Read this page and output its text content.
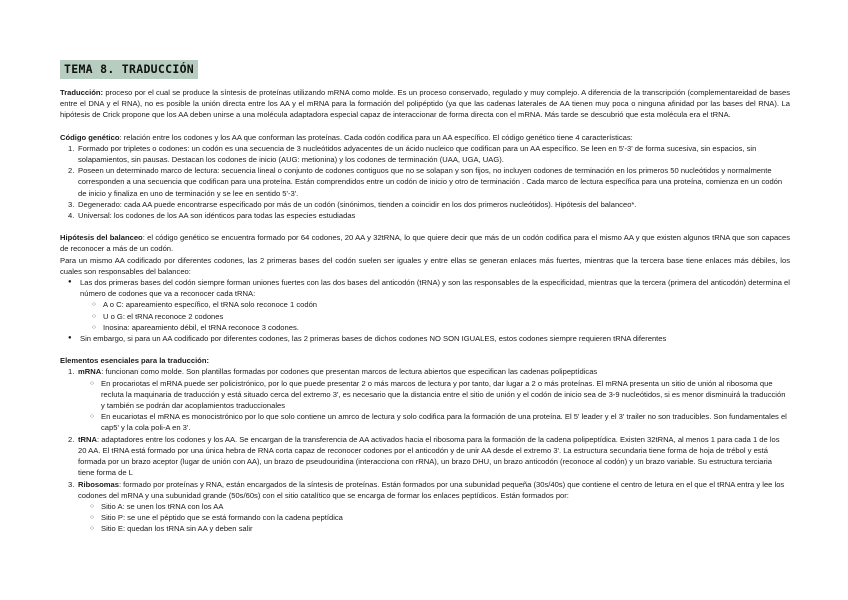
TEMA 8. TRADUCCIÓN

Traducción: proceso por el cual se produce la síntesis de proteínas utilizando mRNA como molde. Es un proceso conservado, regulado y muy complejo. A diferencia de la transcripción (complementareidad de bases entre el DNA y el RNA), no es posible la unión directa entre los AA y el mRNA para la formación del polipéptido (ya que las cadenas laterales de AA tienen muy poca o ninguna afinidad por las bases del RNA). La hipótesis de Crick propone que los AA deben unirse a una molécula adaptadora especial capaz de interaccionar de forma directa con el mRNA. Más tarde se descubrió que esta molécula era el tRNA.

Código genético: relación entre los codones y los AA que conforman las proteínas. Cada codón codifica para un AA específico. El código genético tiene 4 características:

1. Formado por tripletes o codones: un codón es una secuencia de 3 nucleótidos adyacentes de un ácido nucleico que codifican para un AA específico. Se leen en 5'-3' de forma sucesiva, sin espacios, sin solapamientos, sin pausas. Destacan los codones de inicio (AUG: metionina) y los codones de terminación (UAA, UGA, UAG).
2. Poseen un determinado marco de lectura: secuencia lineal o conjunto de codones contiguos que no se solapan y son fijos, no incluyen codones de terminación en los primeros 50 nucleótidos y normalmente corresponden a una secuencia que codifican para una proteína. Están comprendidos entre un codón de inicio y otro de terminación . Cada marco de lectura específica para una proteína, comienza en un codón de inicio y finaliza en uno de terminación y se lee en sentido 5'-3'.
3. Degenerado: cada AA puede encontrarse especificado por más de un codón (sinónimos, tienden a coincidir en los dos primeros nucleótidos). Hipótesis del balanceo*.
4. Universal: los codones de los AA son idénticos para todas las especies estudiadas

Hipótesis del balanceo: el código genético se encuentra formado por 64 codones, 20 AA y 32tRNA, lo que quiere decir que más de un codón codifica para el mismo AA y que existen algunos tRNA que son capaces de reconocer a más de un codón.

Para un mismo AA codificado por diferentes codones, las 2 primeras bases del codón suelen ser iguales y entre ellas se generan enlaces más fuertes, mientras que la tercera base tiene enlaces más débiles, los cuales son responsables del balanceo:

● Las dos primeras bases del codón siempre forman uniones fuertes con las dos bases del anticodón (tRNA) y son las responsables de la especificidad, mientras que la tercera (primera del anticodón) determina el número de codones que va a reconocer cada tRNA:
○ A o C: apareamiento específico, el tRNA solo reconoce 1 codón
○ U o G: el tRNA reconoce 2 codones
○ Inosina: apareamiento débil, el tRNA reconoce 3 codones.
● Sin embargo, si para un AA codificado por diferentes codones, las 2 primeras bases de dichos codones NO SON IGUALES, estos codones siempre requieren tRNA diferentes

Elementos esenciales para la traducción:

1. mRNA: funcionan como molde. Son plantillas formadas por codones que presentan marcos de lectura abiertos que especifican las cadenas polipeptídicas
○ En procariotas el mRNA puede ser policistrónico, por lo que puede presentar 2 o más marcos de lectura y por tanto, dar lugar a 2 o más proteínas. El mRNA presenta un sitio de unión al ribosoma que recluta la maquinaria de traducción y está situado cerca del extremo 3', es necesario que la distancia entre el sitio de unión y el codón de inicio sea de 3-9 nucleótidos, si es menor disminuirá la traducción y también se podrán dar acoplamientos traduccionales
○ En eucariotas el mRNA es monocistrónico por lo que solo contiene un amrco de lectura y solo codifica para la formación de una proteína. El 5' leader y el 3' trailer no son traducibles. Son fundamentales el cap5' y la cola poli-A en 3'.
2. tRNA: adaptadores entre los codones y los AA. Se encargan de la transferencia de AA activados hacia el ribosoma para la formación de la cadena polipeptídica. Existen 32tRNA, al menos 1 para cada 1 de los 20 AA. El tRNA está formado por una única hebra de RNA corta capaz de reconocer codones por el anticodón y de unir AA desde el extremo 3'. La estructura secundaria tiene forma de hoja de trébol y está formada por un brazo aceptor (lugar de unión con AA), un brazo de pseudouridina (interacciona con rRNA), un brazo DHU, un brazo anticodón (reconoce al codón) y un brazo variable. Su estructura terciaria tiene forma de L
3. Ribosomas: formado por proteínas y RNA, están encargados de la síntesis de proteínas. Están formados por una subunidad pequeña (30s/40s) que contiene el centro de letura en el que el tRNA entra y lee los codones del mRNA y una subunidad grande (50s/60s) con el sitio catalítico que se encarga de formar los enlaces peptídicos. Están formados por:
○ Sitio A: se unen los tRNA con los AA
○ Sitio P: se une el péptido que se está formando con la cadena peptídica
○ Sitio E: quedan los tRNA sin AA y deben salir
